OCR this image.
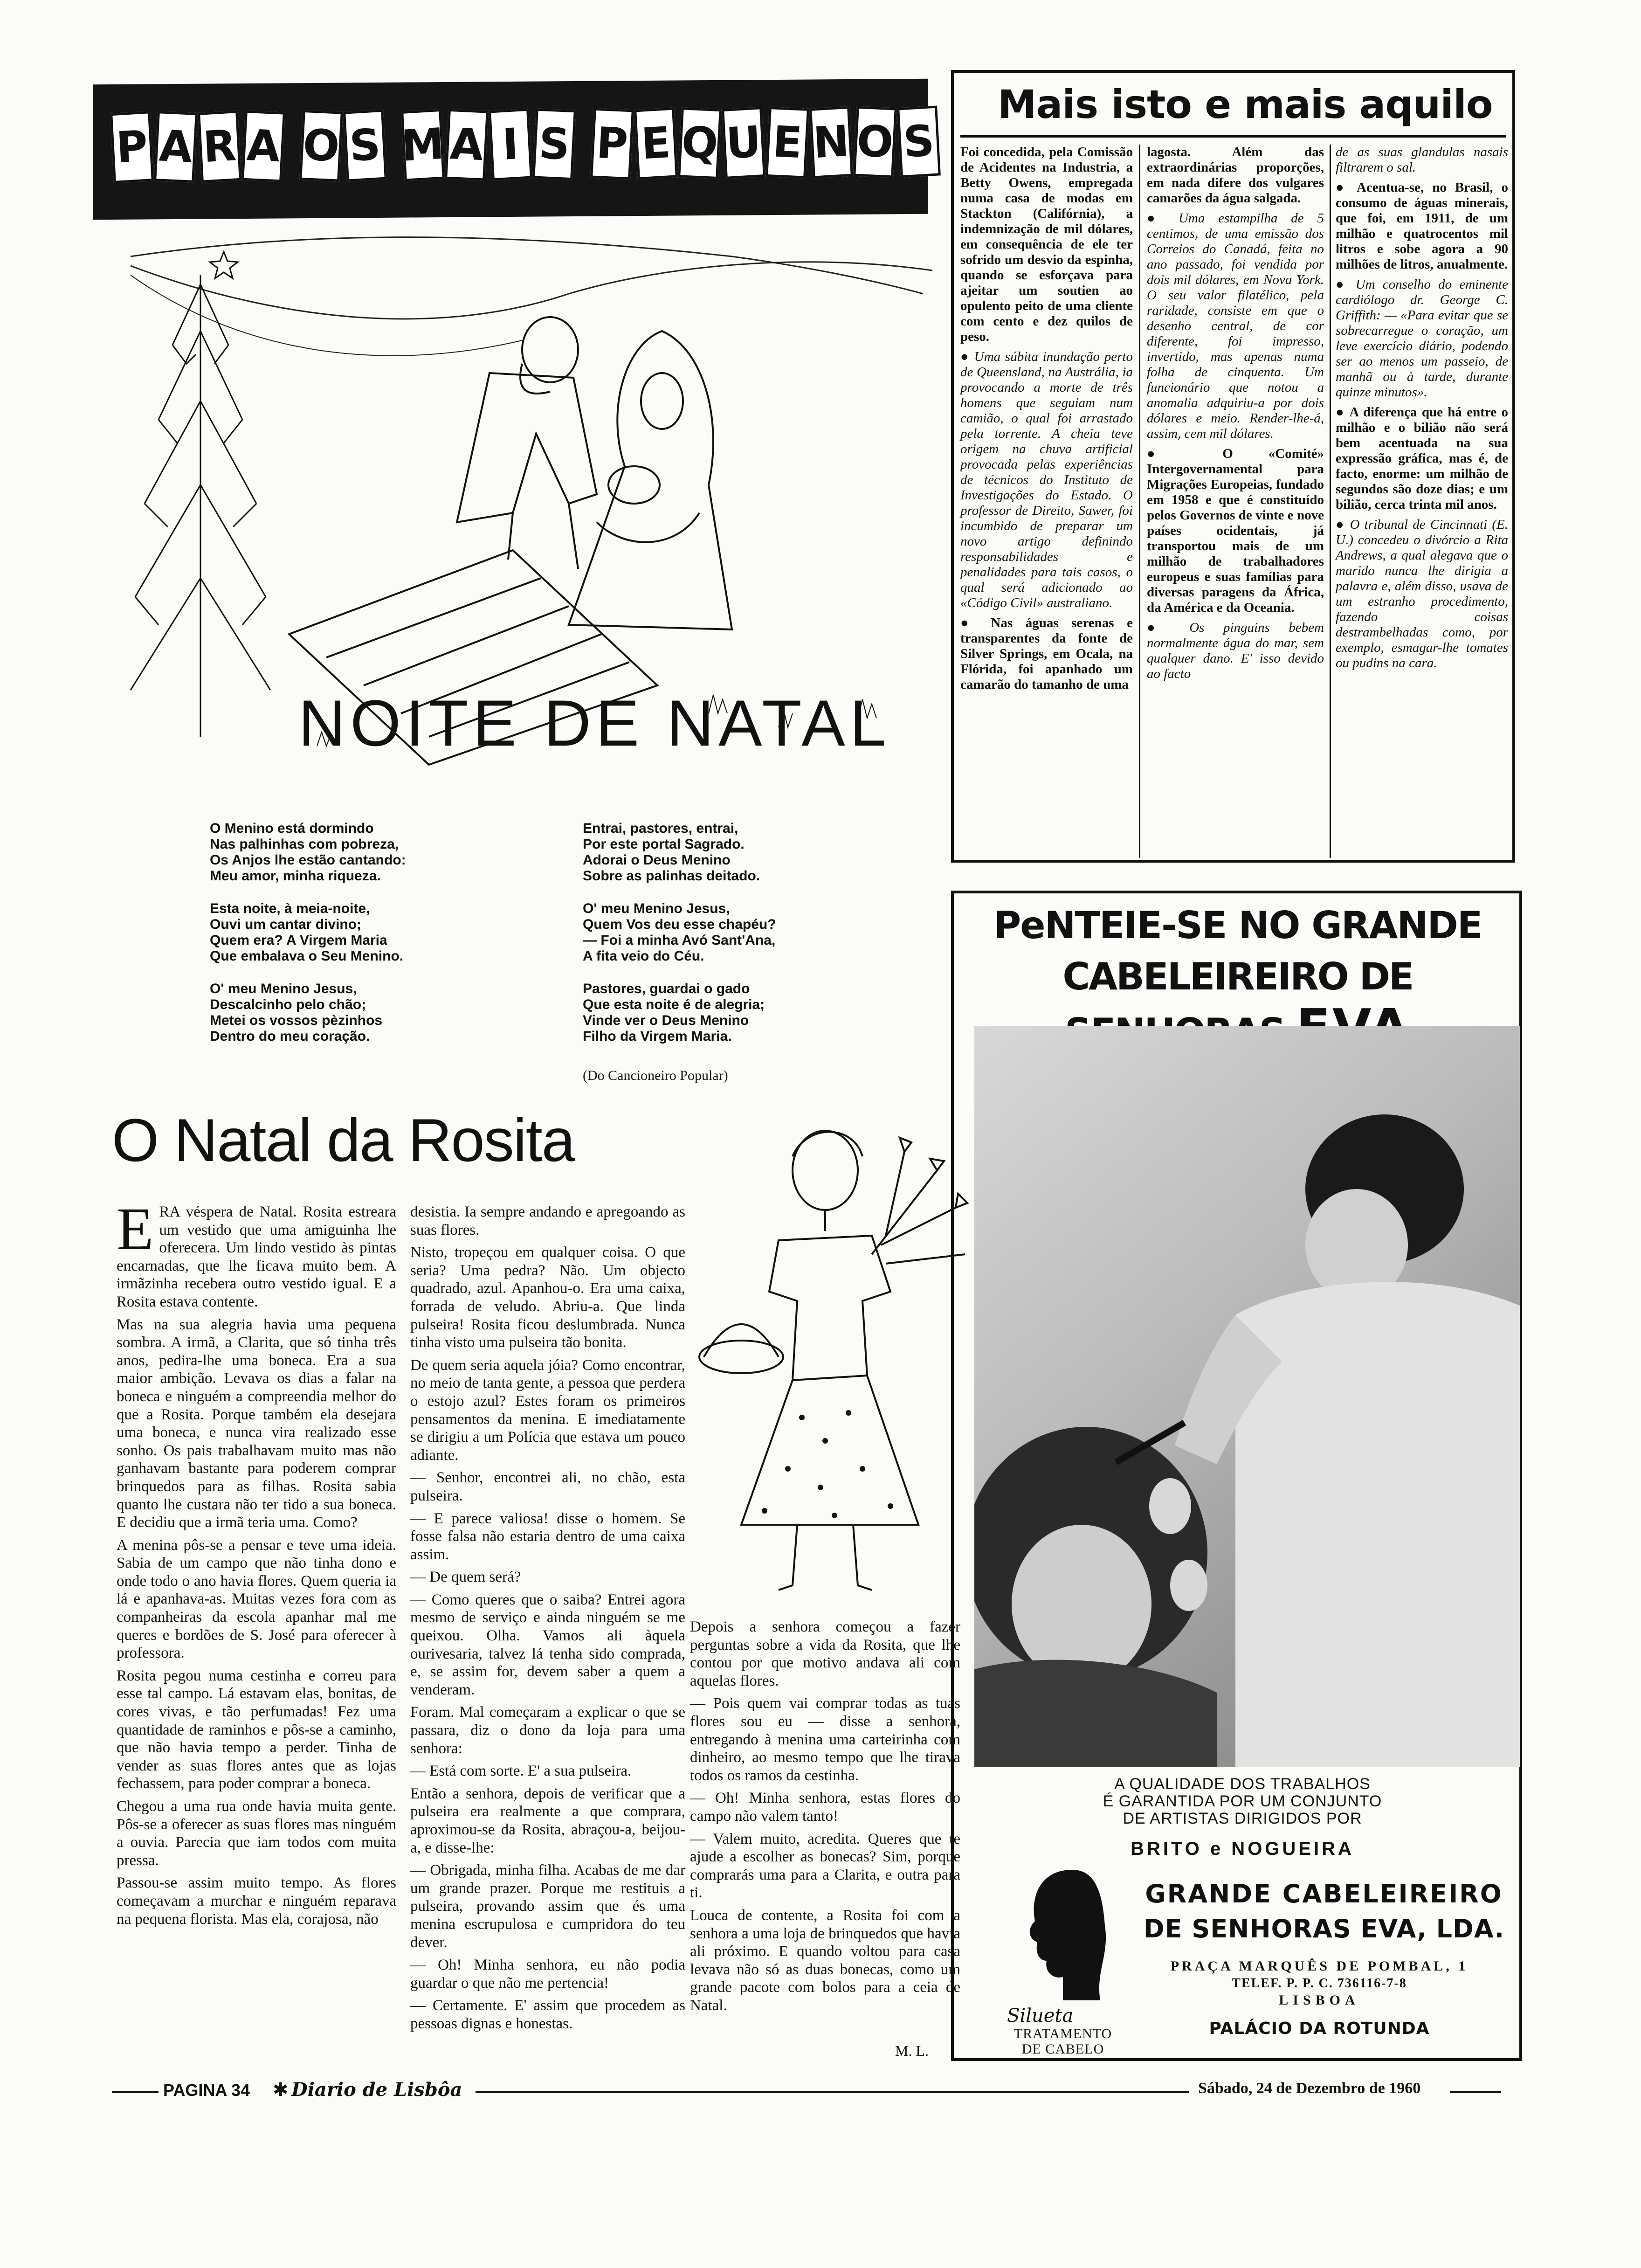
P A R A O S M A I S P E Q U E N O S
NOITE DE NATAL
O Menino está dormindo
Nas palhinhas com pobreza,
Os Anjos lhe estão cantando:
Meu amor, minha riqueza.
Esta noite, à meia-noite,
Ouvi um cantar divino;
Quem era? A Virgem Maria
Que embalava o Seu Menino.
O' meu Menino Jesus,
Descalcinho pelo chão;
Metei os vossos pèzinhos
Dentro do meu coração.
Entrai, pastores, entrai,
Por este portal Sagrado.
Adorai o Deus Menino
Sobre as palinhas deitado.
O' meu Menino Jesus,
Quem Vos deu esse chapéu?
— Foi a minha Avó Sant'Ana,
A fita veio do Céu.
Pastores, guardai o gado
Que esta noite é de alegria;
Vinde ver o Deus Menino
Filho da Virgem Maria.
(Do Cancioneiro Popular)
O Natal da Rosita

ERA véspera de Natal. Rosita estreara um vestido que uma amiguinha lhe oferecera. Um lindo vestido às pintas encarnadas, que lhe ficava muito bem. A irmãzinha recebera outro vestido igual. E a Rosita estava contente.

Mas na sua alegria havia uma pequena sombra. A irmã, a Clarita, que só tinha três anos, pedira-lhe uma boneca. Era a sua maior ambição. Levava os dias a falar na boneca e ninguém a compreendia melhor do que a Rosita. Porque também ela desejara uma boneca, e nunca vira realizado esse sonho. Os pais trabalhavam muito mas não ganhavam bastante para poderem comprar brinquedos para as filhas. Rosita sabia quanto lhe custara não ter tido a sua boneca. E decidiu que a irmã teria uma. Como?

A menina pôs-se a pensar e teve uma ideia. Sabia de um campo que não tinha dono e onde todo o ano havia flores. Quem queria ia lá e apanhava-as. Muitas vezes fora com as companheiras da escola apanhar mal me queres e bordões de S. José para oferecer à professora.

Rosita pegou numa cestinha e correu para esse tal campo. Lá estavam elas, bonitas, de cores vivas, e tão perfumadas! Fez uma quantidade de raminhos e pôs-se a caminho, que não havia tempo a perder. Tinha de vender as suas flores antes que as lojas fechassem, para poder comprar a boneca.

Chegou a uma rua onde havia muita gente. Pôs-se a oferecer as suas flores mas ninguém a ouvia. Parecia que iam todos com muita pressa.

Passou-se assim muito tempo. As flores começavam a murchar e ninguém reparava na pequena florista. Mas ela, corajosa, não

desistia. Ia sempre andando e apregoando as suas flores.

Nisto, tropeçou em qualquer coisa. O que seria? Uma pedra? Não. Um objecto quadrado, azul. Apanhou-o. Era uma caixa, forrada de veludo. Abriu-a. Que linda pulseira! Rosita ficou deslumbrada. Nunca tinha visto uma pulseira tão bonita.

De quem seria aquela jóia? Como encontrar, no meio de tanta gente, a pessoa que perdera o estojo azul? Estes foram os primeiros pensamentos da menina. E imediatamente se dirigiu a um Polícia que estava um pouco adiante.

— Senhor, encontrei ali, no chão, esta pulseira.

— E parece valiosa! disse o homem. Se fosse falsa não estaria dentro de uma caixa assim.

— De quem será?

— Como queres que o saiba? Entrei agora mesmo de serviço e ainda ninguém se me queixou. Olha. Vamos ali àquela ourivesaria, talvez lá tenha sido comprada, e, se assim for, devem saber a quem a venderam.

Foram. Mal começaram a explicar o que se passara, diz o dono da loja para uma senhora:

— Está com sorte. E' a sua pulseira.

Então a senhora, depois de verificar que a pulseira era realmente a que comprara, aproximou-se da Rosita, abraçou-a, beijou-a, e disse-lhe:

— Obrigada, minha filha. Acabas de me dar um grande prazer. Porque me restituis a pulseira, provando assim que és uma menina escrupulosa e cumpridora do teu dever.

— Oh! Minha senhora, eu não podia guardar o que não me pertencia!

— Certamente. E' assim que procedem as pessoas dignas e honestas.

Depois a senhora começou a fazer perguntas sobre a vida da Rosita, que lhe contou por que motivo andava ali com aquelas flores.

— Pois quem vai comprar todas as tuas flores sou eu — disse a senhora, entregando à menina uma carteirinha com dinheiro, ao mesmo tempo que lhe tirava todos os ramos da cestinha.

— Oh! Minha senhora, estas flores do campo não valem tanto!

— Valem muito, acredita. Queres que te ajude a escolher as bonecas? Sim, porque comprarás uma para a Clarita, e outra para ti.

Louca de contente, a Rosita foi com a senhora a uma loja de brinquedos que havia ali próximo. E quando voltou para casa levava não só as duas bonecas, como um grande pacote com bolos para a ceia de Natal.

M. L.
Mais isto e mais aquilo

Foi concedida, pela Comissão de Acidentes na Industria, a Betty Owens, empregada numa casa de modas em Stackton (Califórnia), a indemnização de mil dólares, em consequência de ele ter sofrido um desvio da espinha, quando se esforçava para ajeitar um soutien ao opulento peito de uma cliente com cento e dez quilos de peso.

● Uma súbita inundação perto de Queensland, na Austrália, ia provocando a morte de três homens que seguiam num camião, o qual foi arrastado pela torrente. A cheia teve origem na chuva artificial provocada pelas experiências de técnicos do Instituto de Investigações do Estado. O professor de Direito, Sawer, foi incumbido de preparar um novo artigo definindo responsabilidades e penalidades para tais casos, o qual será adicionado ao «Código Civil» australiano.

● Nas águas serenas e transparentes da fonte de Silver Springs, em Ocala, na Flórida, foi apanhado um camarão do tamanho de uma

lagosta. Além das extraordinárias proporções, em nada difere dos vulgares camarões da água salgada.

● Uma estampilha de 5 centimos, de uma emissão dos Correios do Canadá, feita no ano passado, foi vendida por dois mil dólares, em Nova York. O seu valor filatélico, pela raridade, consiste em que o desenho central, de cor diferente, foi impresso, invertido, mas apenas numa folha de cinquenta. Um funcionário que notou a anomalia adquiriu-a por dois dólares e meio. Render-lhe-á, assim, cem mil dólares.

● O «Comité» Intergovernamental para Migrações Europeias, fundado em 1958 e que é constituído pelos Governos de vinte e nove países ocidentais, já transportou mais de um milhão de trabalhadores europeus e suas famílias para diversas paragens da África, da América e da Oceania.

● Os pinguins bebem normalmente água do mar, sem qualquer dano. E' isso devido ao facto

de as suas glandulas nasais filtrarem o sal.

● Acentua-se, no Brasil, o consumo de águas minerais, que foi, em 1911, de um milhão e quatrocentos mil litros e sobe agora a 90 milhões de litros, anualmente.

● Um conselho do eminente cardiólogo dr. George C. Griffith: — «Para evitar que se sobrecarregue o coração, um leve exercício diário, podendo ser ao menos um passeio, de manhã ou à tarde, durante quinze minutos».

● A diferença que há entre o milhão e o bilião não será bem acentuada na sua expressão gráfica, mas é, de facto, enorme: um milhão de segundos são doze dias; e um bilião, cerca trinta mil anos.

● O tribunal de Cincinnati (E. U.) concedeu o divórcio a Rita Andrews, a qual alegava que o marido nunca lhe dirigia a palavra e, além disso, usava de um estranho procedimento, fazendo coisas destrambelhadas como, por exemplo, esmagar-lhe tomates ou pudins na cara.

PeNTEIE-SE NO GRANDE
CABELEIREIRO DE
A QUALIDADE DOS TRABALHOS
É GARANTIDA POR UM CONJUNTO
DE ARTISTAS DIRIGIDOS POR
BRITO e NOGUEIRA
Silueta
TRATAMENTO
DE CABELO
GRANDE CABELEIREIRO
DE SENHORAS EVA, LDA.
PRAÇA MARQUÊS DE POMBAL, 1
TELEF. P. P. C. 736116-7-8
LISBOA
PALÁCIO DA ROTUNDA
PAGINA 34 ✱ Diario de Lisbôa	Sábado, 24 de Dezembro de 1960
